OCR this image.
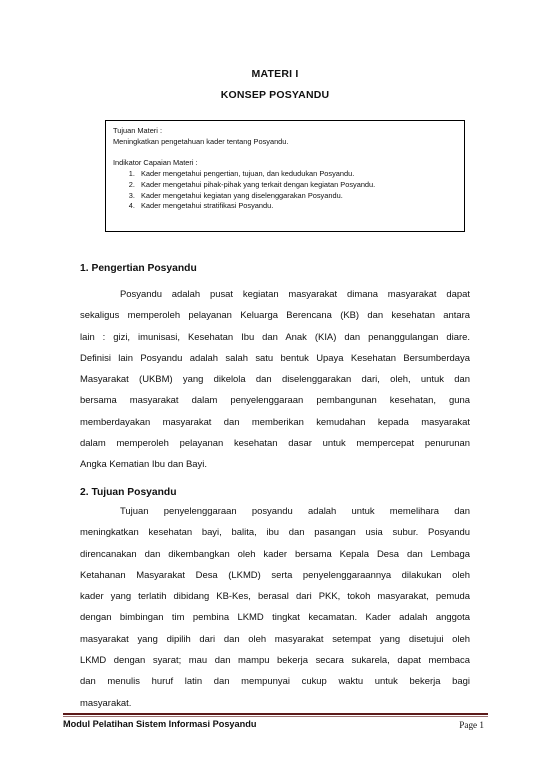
MATERI I
KONSEP POSYANDU

Tujuan Materi :

Meningkatkan pengetahuan kader tentang Posyandu.

Indikator Capaian Materi :

1. Kader mengetahui pengertian, tujuan, dan kedudukan Posyandu.
2. Kader mengetahui pihak-pihak yang terkait dengan kegiatan Posyandu.
3. Kader mengetahui kegiatan yang diselenggarakan Posyandu.
4. Kader mengetahui stratifikasi Posyandu.
1. Pengertian Posyandu
Posyandu adalah pusat kegiatan masyarakat dimana masyarakat dapat
sekaligus memperoleh pelayanan Keluarga Berencana (KB) dan kesehatan antara
lain : gizi, imunisasi, Kesehatan Ibu dan Anak (KIA) dan penanggulangan diare.
Definisi lain Posyandu adalah salah satu bentuk Upaya Kesehatan Bersumberdaya
Masyarakat (UKBM) yang dikelola dan diselenggarakan dari, oleh, untuk dan
bersama masyarakat dalam penyelenggaraan pembangunan kesehatan, guna
memberdayakan masyarakat dan memberikan kemudahan kepada masyarakat
dalam memperoleh pelayanan kesehatan dasar untuk mempercepat penurunan
Angka Kematian Ibu dan Bayi.
2. Tujuan Posyandu
Tujuan penyelenggaraan posyandu adalah untuk memelihara dan
meningkatkan kesehatan bayi, balita, ibu dan pasangan usia subur. Posyandu
direncanakan dan dikembangkan oleh kader bersama Kepala Desa dan Lembaga
Ketahanan Masyarakat Desa (LKMD) serta penyelenggaraannya dilakukan oleh
kader yang terlatih dibidang KB-Kes, berasal dari PKK, tokoh masyarakat, pemuda
dengan bimbingan tim pembina LKMD tingkat kecamatan. Kader adalah anggota
masyarakat yang dipilih dari dan oleh masyarakat setempat yang disetujui oleh
LKMD dengan syarat; mau dan mampu bekerja secara sukarela, dapat membaca
dan menulis huruf latin dan mempunyai cukup waktu untuk bekerja bagi
masyarakat.
Modul Pelatihan Sistem Informasi Posyandu	Page 1
